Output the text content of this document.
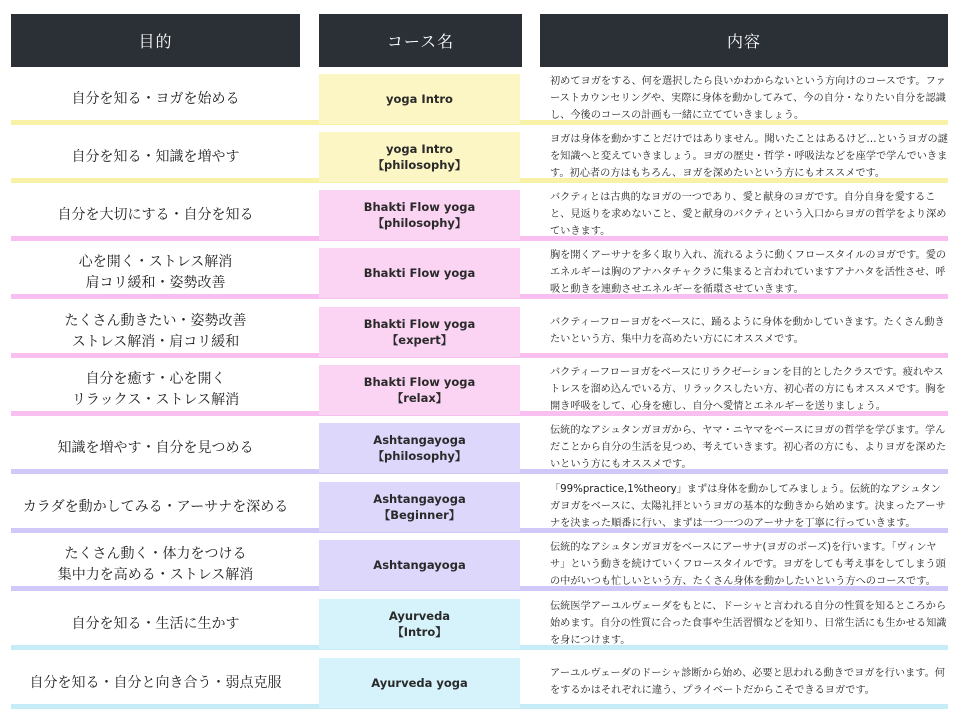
目的	コース名	内容
yoga Intro
自分を知る・ヨガを始める
初めてヨガをする、何を選択したら良いかわからないという方向けのコースです。ファーストカウンセリングや、実際に身体を動かしてみて、今の自分・なりたい自分を認識し、今後のコースの計画も一緒に立てていきましょう。
yoga Intro
【philosophy】
自分を知る・知識を増やす
ヨガは身体を動かすことだけではありません。聞いたことはあるけど…というヨガの謎を知識へと変えていきましょう。ヨガの歴史・哲学・呼吸法などを座学で学んでいきます。初心者の方はもちろん、ヨガを深めたいという方にもオススメです。
Bhakti Flow yoga
【philosophy】
自分を大切にする・自分を知る
バクティとは古典的なヨガの一つであり、愛と献身のヨガです。自分自身を愛すること、見返りを求めないこと、愛と献身のバクティという入口からヨガの哲学をより深めていきます。
Bhakti Flow yoga
心を開く・ストレス解消
肩コリ緩和・姿勢改善
胸を開くアーサナを多く取り入れ、流れるように動くフロースタイルのヨガです。愛のエネルギーは胸のアナハタチャクラに集まると言われていますアナハタを活性させ、呼吸と動きを連動させエネルギーを循環させていきます。
Bhakti Flow yoga
【expert】
たくさん動きたい・姿勢改善
ストレス解消・肩コリ緩和
バクティーフローヨガをベースに、踊るように身体を動かしていきます。たくさん動きたいという方、集中力を高めたい方ににオススメです。
Bhakti Flow yoga
【relax】
自分を癒す・心を開く
リラックス・ストレス解消
バクティーフローヨガをベースにリラクゼーションを目的としたクラスです。疲れやストレスを溜め込んでいる方、リラックスしたい方、初心者の方にもオススメです。胸を開き呼吸をして、心身を癒し、自分へ愛情とエネルギーを送りましょう。
Ashtangayoga
【philosophy】
知識を増やす・自分を見つめる
伝統的なアシュタンガヨガから、ヤマ・ニヤマをベースにヨガの哲学を学びます。学んだことから自分の生活を見つめ、考えていきます。初心者の方にも、よりヨガを深めたいという方にもオススメです。
Ashtangayoga
【Beginner】
カラダを動かしてみる・アーサナを深める
「99%practice,1%theory」まずは身体を動かしてみましょう。伝統的なアシュタンガヨガをベースに、太陽礼拝というヨガの基本的な動きから始めます。決まったアーサナを決まった順番に行い、まずは一つ一つのアーサナを丁寧に行っていきます。
Ashtangayoga
たくさん動く・体力をつける
集中力を高める・ストレス解消
伝統的なアシュタンガヨガをベースにアーサナ(ヨガのポーズ)を行います。「ヴィンヤサ」という動きを続けていくフロースタイルです。ヨガをしても考え事をしてしまう頭の中がいつも忙しいという方、たくさん身体を動かしたいという方へのコースです。
Ayurveda
【Intro】
自分を知る・生活に生かす
伝統医学アーユルヴェーダをもとに、ドーシャと言われる自分の性質を知るところから始めます。自分の性質に合った食事や生活習慣などを知り、日常生活にも生かせる知識を身につけます。
Ayurveda yoga
自分を知る・自分と向き合う・弱点克服
アーユルヴェーダのドーシャ診断から始め、必要と思われる動きでヨガを行います。何をするかはそれぞれに違う、プライベートだからこそできるヨガです。
